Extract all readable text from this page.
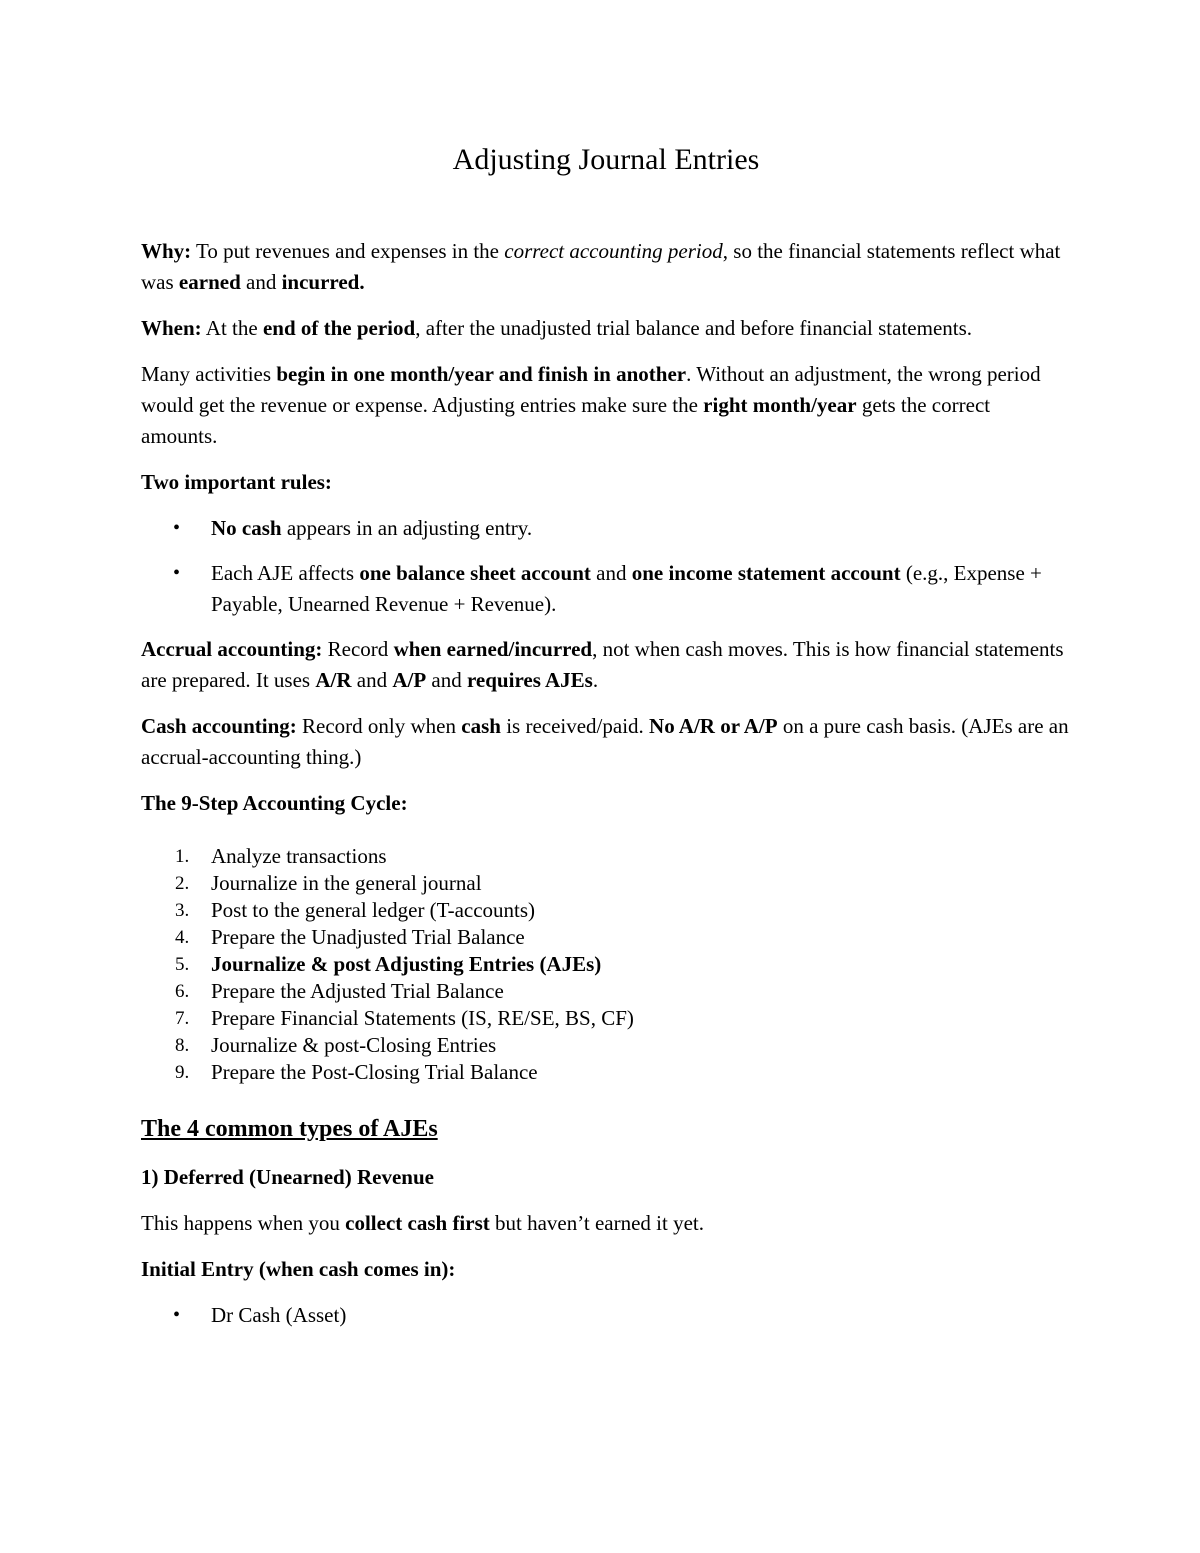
Adjusting Journal Entries

Why: To put revenues and expenses in the correct accounting period, so the financial statements reflect what was earned and incurred.

When: At the end of the period, after the unadjusted trial balance and before financial statements.

Many activities begin in one month/year and finish in another. Without an adjustment, the wrong period would get the revenue or expense. Adjusting entries make sure the right month/year gets the correct amounts.

Two important rules:

• No cash appears in an adjusting entry.
• Each AJE affects one balance sheet account and one income statement account (e.g., Expense + Payable, Unearned Revenue + Revenue).

Accrual accounting: Record when earned/incurred, not when cash moves. This is how financial statements are prepared. It uses A/R and A/P and requires AJEs.

Cash accounting: Record only when cash is received/paid. No A/R or A/P on a pure cash basis. (AJEs are an accrual-accounting thing.)

The 9-Step Accounting Cycle:

1. Analyze transactions
2. Journalize in the general journal
3. Post to the general ledger (T-accounts)
4. Prepare the Unadjusted Trial Balance
5. Journalize & post Adjusting Entries (AJEs)
6. Prepare the Adjusted Trial Balance
7. Prepare Financial Statements (IS, RE/SE, BS, CF)
8. Journalize & post-Closing Entries
9. Prepare the Post-Closing Trial Balance
The 4 common types of AJEs

1) Deferred (Unearned) Revenue

This happens when you collect cash first but haven’t earned it yet.

Initial Entry (when cash comes in):

• Dr Cash (Asset)
